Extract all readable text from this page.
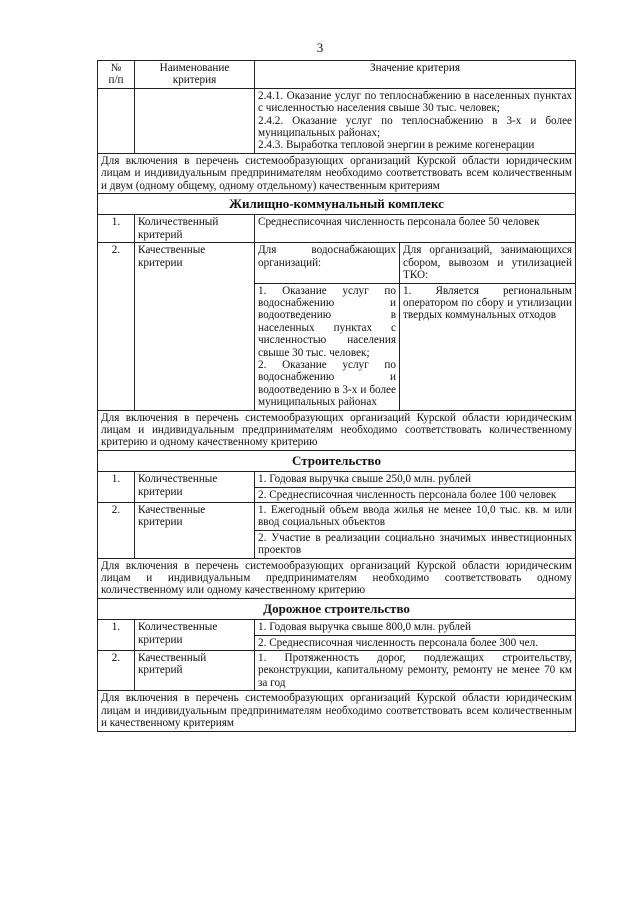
3
№
п/п	Наименование критерия	Значение критерия	

		2.4.1. Оказание услуг по теплоснабжению в населенных пунктах с численностью населения свыше 30 тыс. человек;
2.4.2. Оказание услуг по теплоснабжению в 3-х и более муниципальных районах;
2.4.3. Выработка тепловой энергии в режиме когенерации	

Для включения в перечень системообразующих организаций Курской области юридическим лицам и индивидуальным предпринимателям необходимо соответствовать всем количественным и двум (одному общему, одному отдельному) качественным критериям			
Жилищно-коммунальный комплекс			
1.	Количественный критерий	Среднесписочная численность персонала более 50 человек	
2.	Качественные критерии	Для водоснабжающих организаций:	Для организаций, занимающихся сбором, вывозом и утилизацией ТКО:

		1. Оказание услуг по водоснабжению и водоотведению в населенных пунктах с численностью населения свыше 30 тыс. человек;
2. Оказание услуг по водоснабжению и водоотведению в 3-х и более муниципальных районах	1. Является региональным оператором по сбору и утилизации твердых коммунальных отходов

Для включения в перечень системообразующих организаций Курской области юридическим лицам и индивидуальным предпринимателям необходимо соответствовать количественному критерию и одному качественному критерию			
Строительство			
1.	Количественные критерии	1. Годовая выручка свыше 250,0 млн. рублей	
		2. Среднесписочная численность персонала более 100 человек	
2.	Качественные критерии	1. Ежегодный объем ввода жилья не менее 10,0 тыс. кв. м или ввод социальных объектов	
		2. Участие в реализации социально значимых инвестиционных проектов	
Для включения в перечень системообразующих организаций Курской области юридическим лицам и индивидуальным предпринимателям необходимо соответствовать одному количественному или одному качественному критерию			
Дорожное строительство			
1.	Количественные критерии	1. Годовая выручка свыше 800,0 млн. рублей	
		2. Среднесписочная численность персонала более 300 чел.	
2.	Качественный критерий	1. Протяженность дорог, подлежащих строительству, реконструкции, капитальному ремонту, ремонту не менее 70 км за год	
Для включения в перечень системообразующих организаций Курской области юридическим лицам и индивидуальным предпринимателям необходимо соответствовать всем количественным и качественному критериям			
